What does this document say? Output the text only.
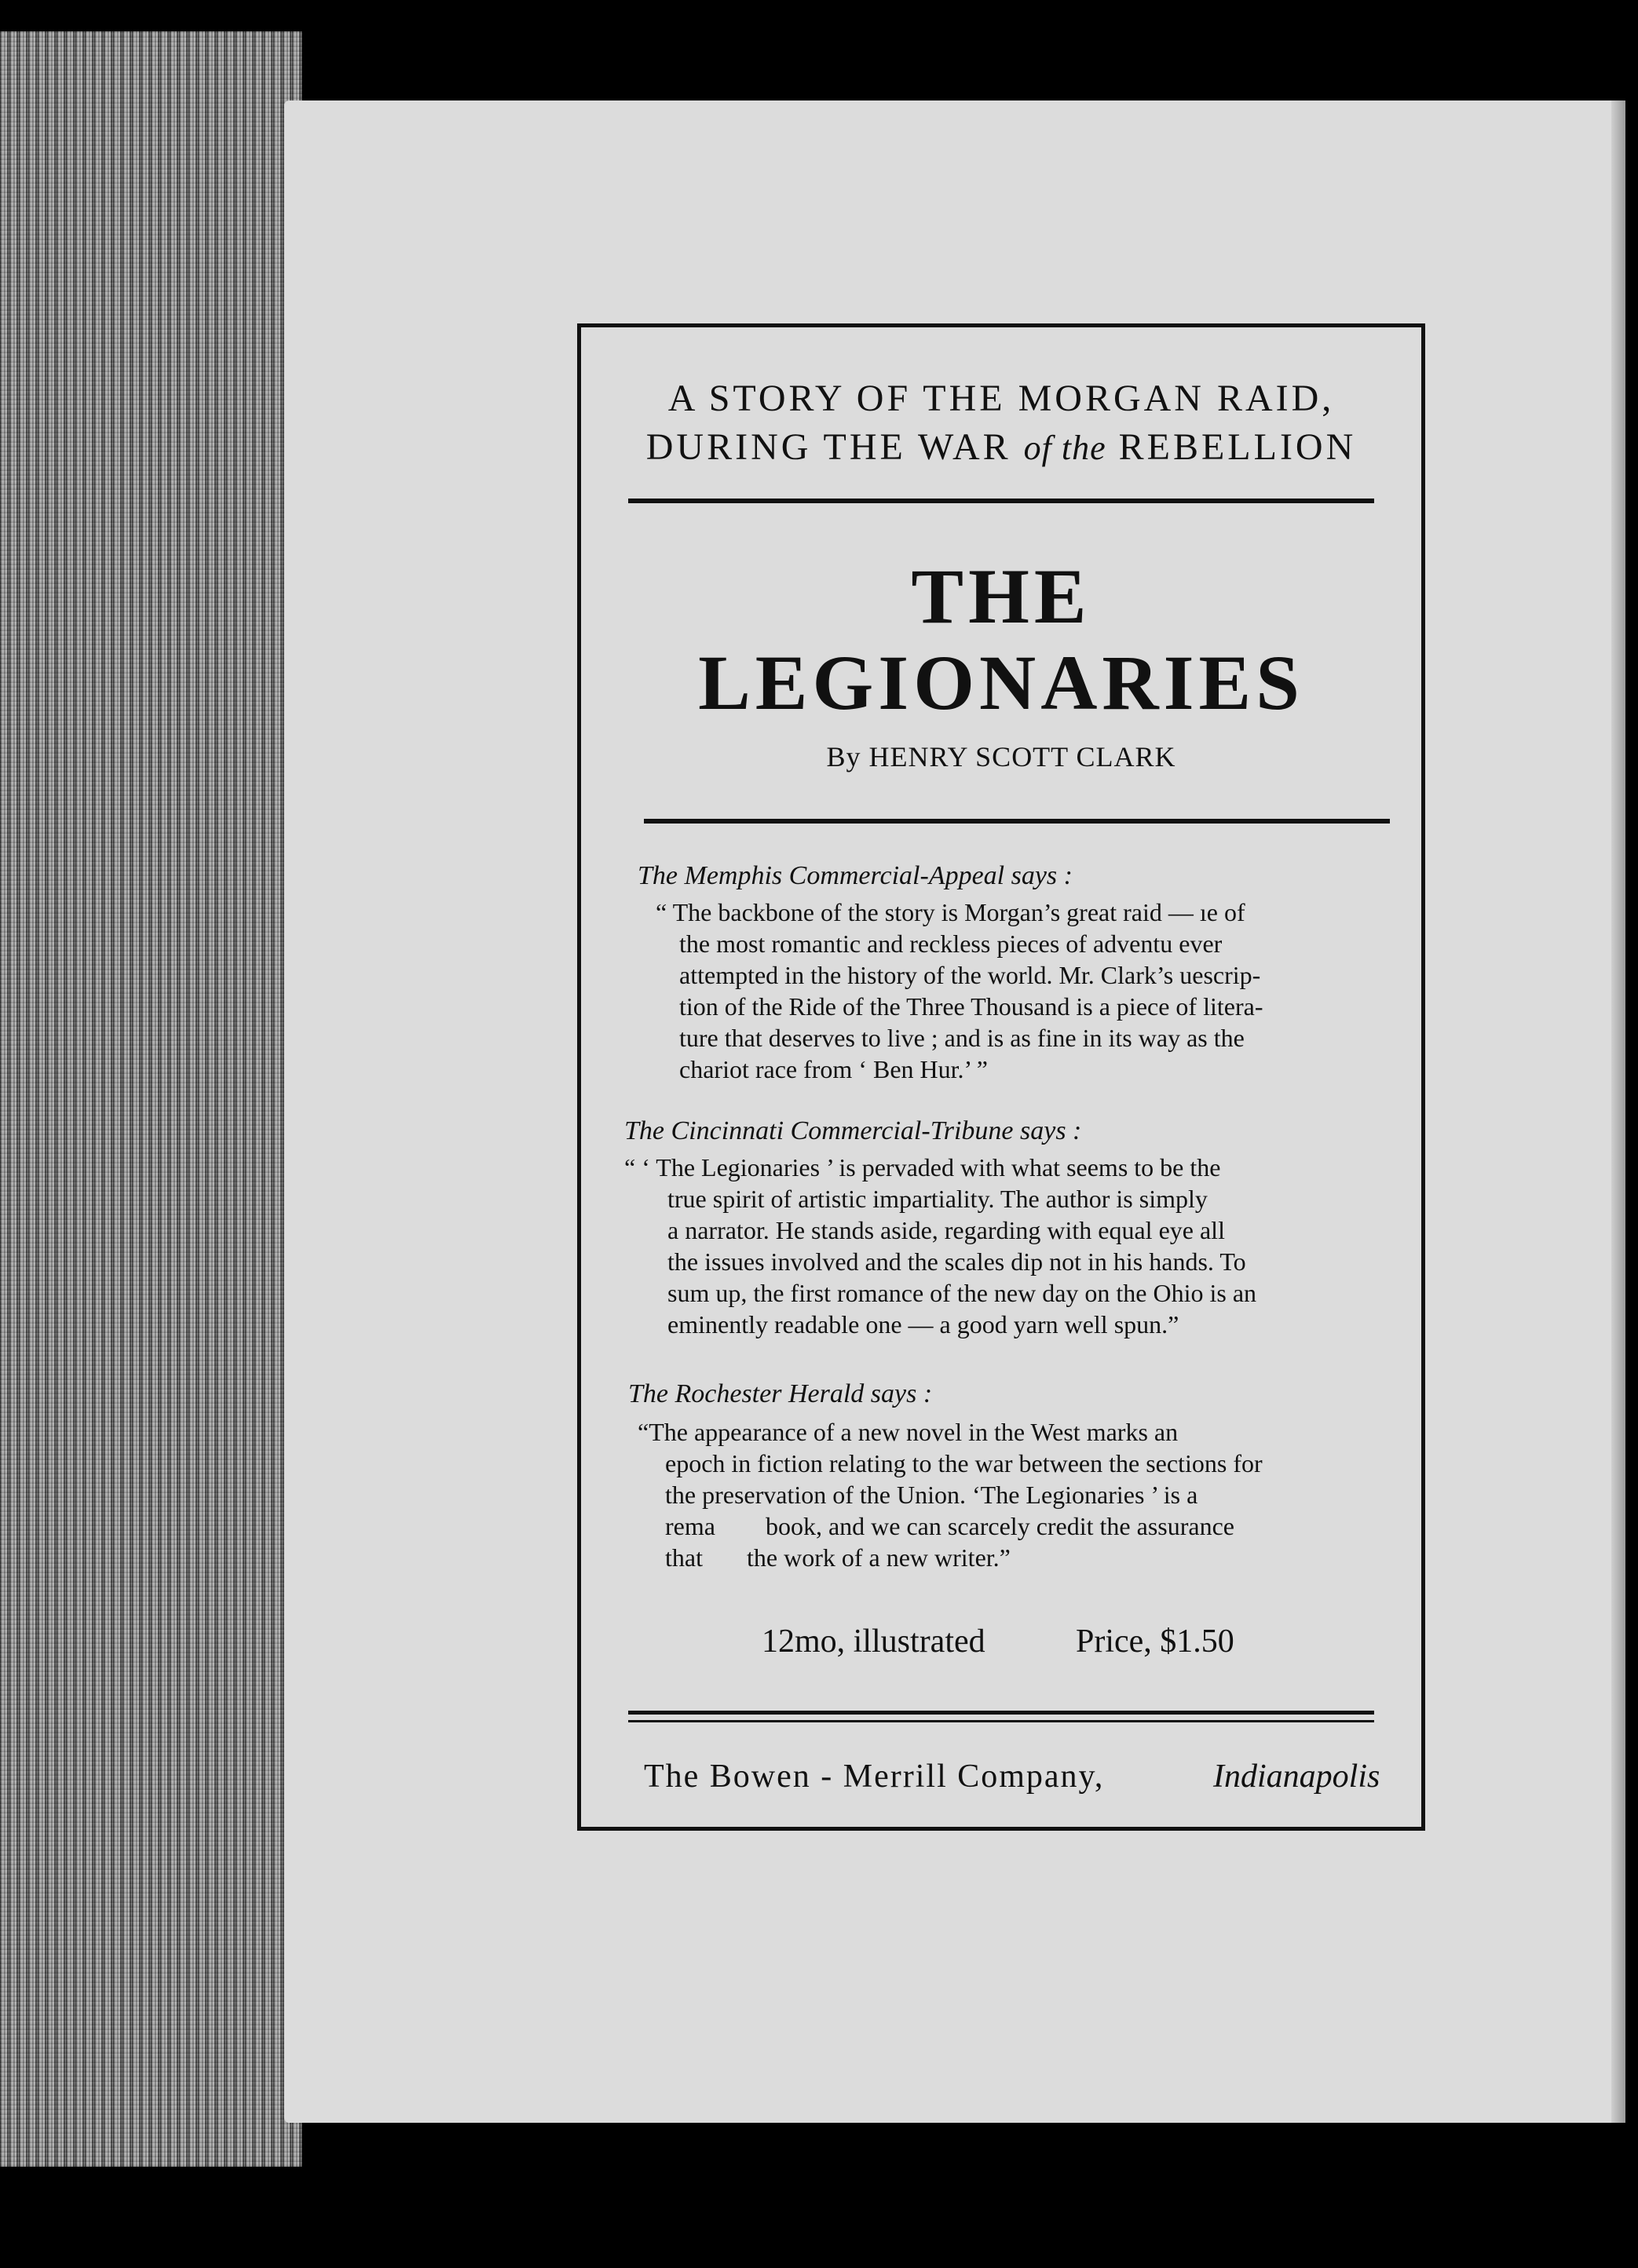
A STORY OF THE MORGAN RAID,
DURING THE WAR of the REBELLION
THE
LEGIONARIES
By HENRY SCOTT CLARK
The Memphis Commercial-Appeal says :
“ The backbone of the story is Morgan’s great raid — ıe of
the most romantic and reckless pieces of adventu ever
attempted in the history of the world. Mr. Clark’s uescrip-
tion of the Ride of the Three Thousand is a piece of litera-
ture that deserves to live ; and is as fine in its way as the
chariot race from ‘ Ben Hur.’ ”
The Cincinnati Commercial-Tribune says :
“ ‘ The Legionaries ’ is pervaded with what seems to be the
true spirit of artistic impartiality. The author is simply
a narrator. He stands aside, regarding with equal eye all
the issues involved and the scales dip not in his hands. To
sum up, the first romance of the new day on the Ohio is an
eminently readable one — a good yarn well spun.”
The Rochester Herald says :
“The appearance of a new novel in the West marks an
epoch in fiction relating to the war between the sections for
the preservation of the Union. ‘The Legionaries ’ is a
rema        book, and we can scarcely credit the assurance
that       the work of a new writer.”
12mo, illustrated	Price, $1.50
The Bowen - Merrill Company,	Indianapolis
